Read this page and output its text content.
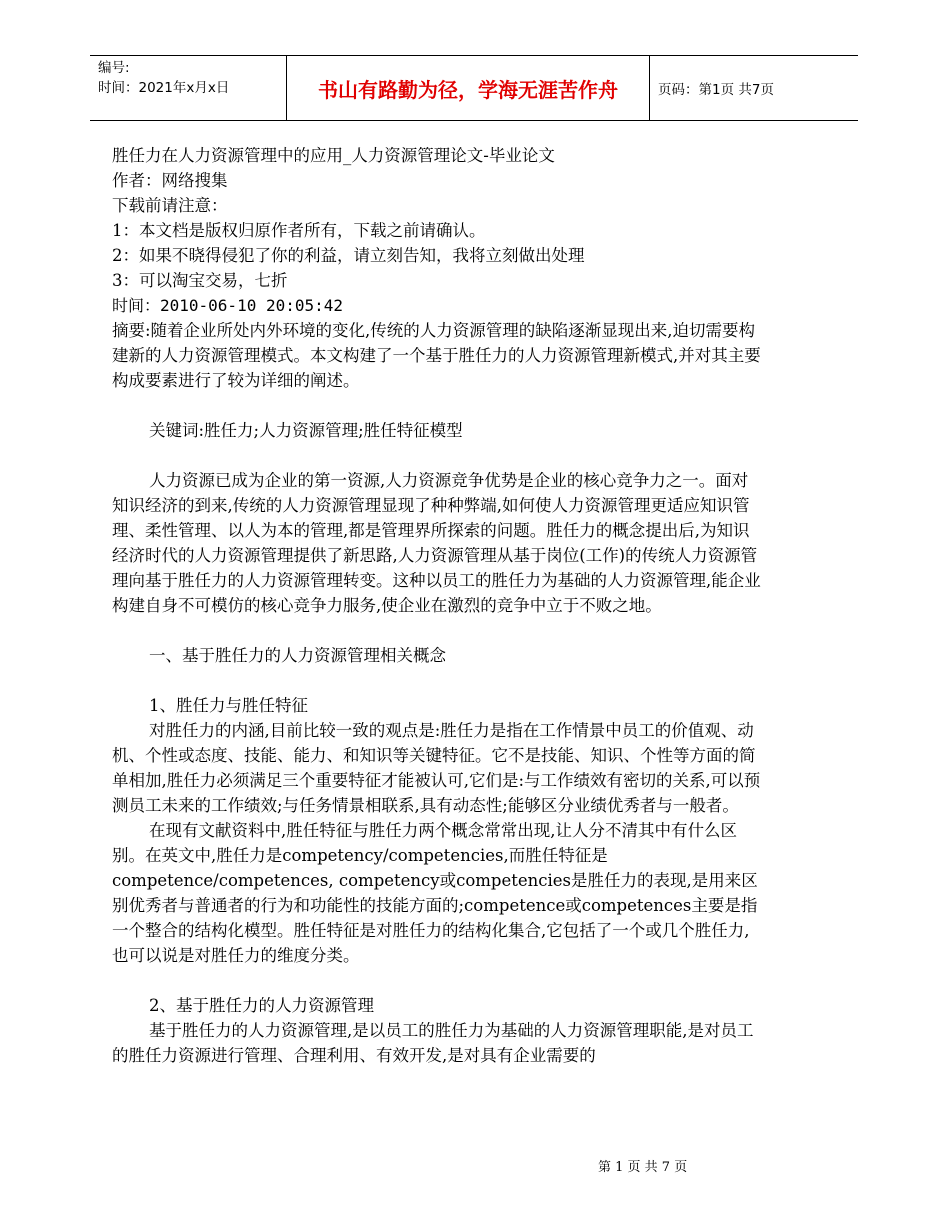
编号:
时间：2021年x月x日	书山有路勤为径，学海无涯苦作舟	页码：第1页 共7页

胜任力在人力资源管理中的应用_人力资源管理论文-毕业论文

作者：网络搜集

下载前请注意：

1：本文档是版权归原作者所有，下载之前请确认。

2：如果不晓得侵犯了你的利益，请立刻告知，我将立刻做出处理

3：可以淘宝交易，七折

时间：2010-06-10 20:05:42

摘要:随着企业所处内外环境的变化,传统的人力资源管理的缺陷逐渐显现出来,迫切需要构建新的人力资源管理模式。本文构建了一个基于胜任力的人力资源管理新模式,并对其主要构成要素进行了较为详细的阐述。

关键词:胜任力;人力资源管理;胜任特征模型

人力资源已成为企业的第一资源,人力资源竞争优势是企业的核心竞争力之一。面对知识经济的到来,传统的人力资源管理显现了种种弊端,如何使人力资源管理更适应知识管理、柔性管理、以人为本的管理,都是管理界所探索的问题。胜任力的概念提出后,为知识经济时代的人力资源管理提供了新思路,人力资源管理从基于岗位(工作)的传统人力资源管理向基于胜任力的人力资源管理转变。这种以员工的胜任力为基础的人力资源管理,能企业构建自身不可模仿的核心竞争力服务,使企业在激烈的竞争中立于不败之地。

一、基于胜任力的人力资源管理相关概念

1、胜任力与胜任特征

对胜任力的内涵,目前比较一致的观点是:胜任力是指在工作情景中员工的价值观、动机、个性或态度、技能、能力、和知识等关键特征。它不是技能、知识、个性等方面的简单相加,胜任力必须满足三个重要特征才能被认可,它们是:与工作绩效有密切的关系,可以预测员工未来的工作绩效;与任务情景相联系,具有动态性;能够区分业绩优秀者与一般者。

在现有文献资料中,胜任特征与胜任力两个概念常常出现,让人分不清其中有什么区别。在英文中,胜任力是competency/competencies,而胜任特征是competence/competences, competency或competencies是胜任力的表现,是用来区别优秀者与普通者的行为和功能性的技能方面的;competence或competences主要是指一个整合的结构化模型。胜任特征是对胜任力的结构化集合,它包括了一个或几个胜任力,也可以说是对胜任力的维度分类。

2、基于胜任力的人力资源管理

基于胜任力的人力资源管理,是以员工的胜任力为基础的人力资源管理职能,是对员工的胜任力资源进行管理、合理利用、有效开发,是对具有企业需要的

第 1 页 共 7 页
